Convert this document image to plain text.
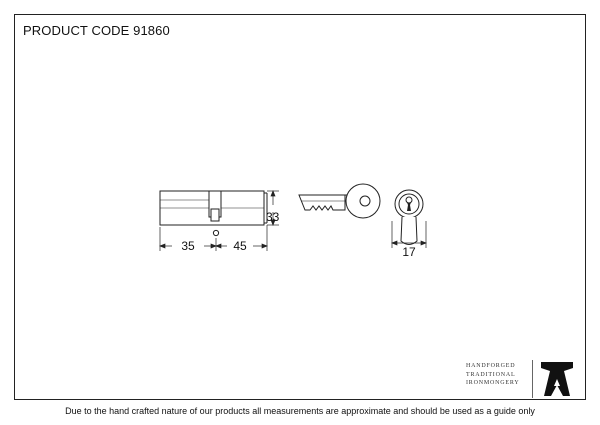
PRODUCT CODE 91860
35	45
33
17
HANDFORGED
TRADITIONAL
IRONMONGERY
Due to the hand crafted nature of our products all measurements are approximate and should be used as a guide only
